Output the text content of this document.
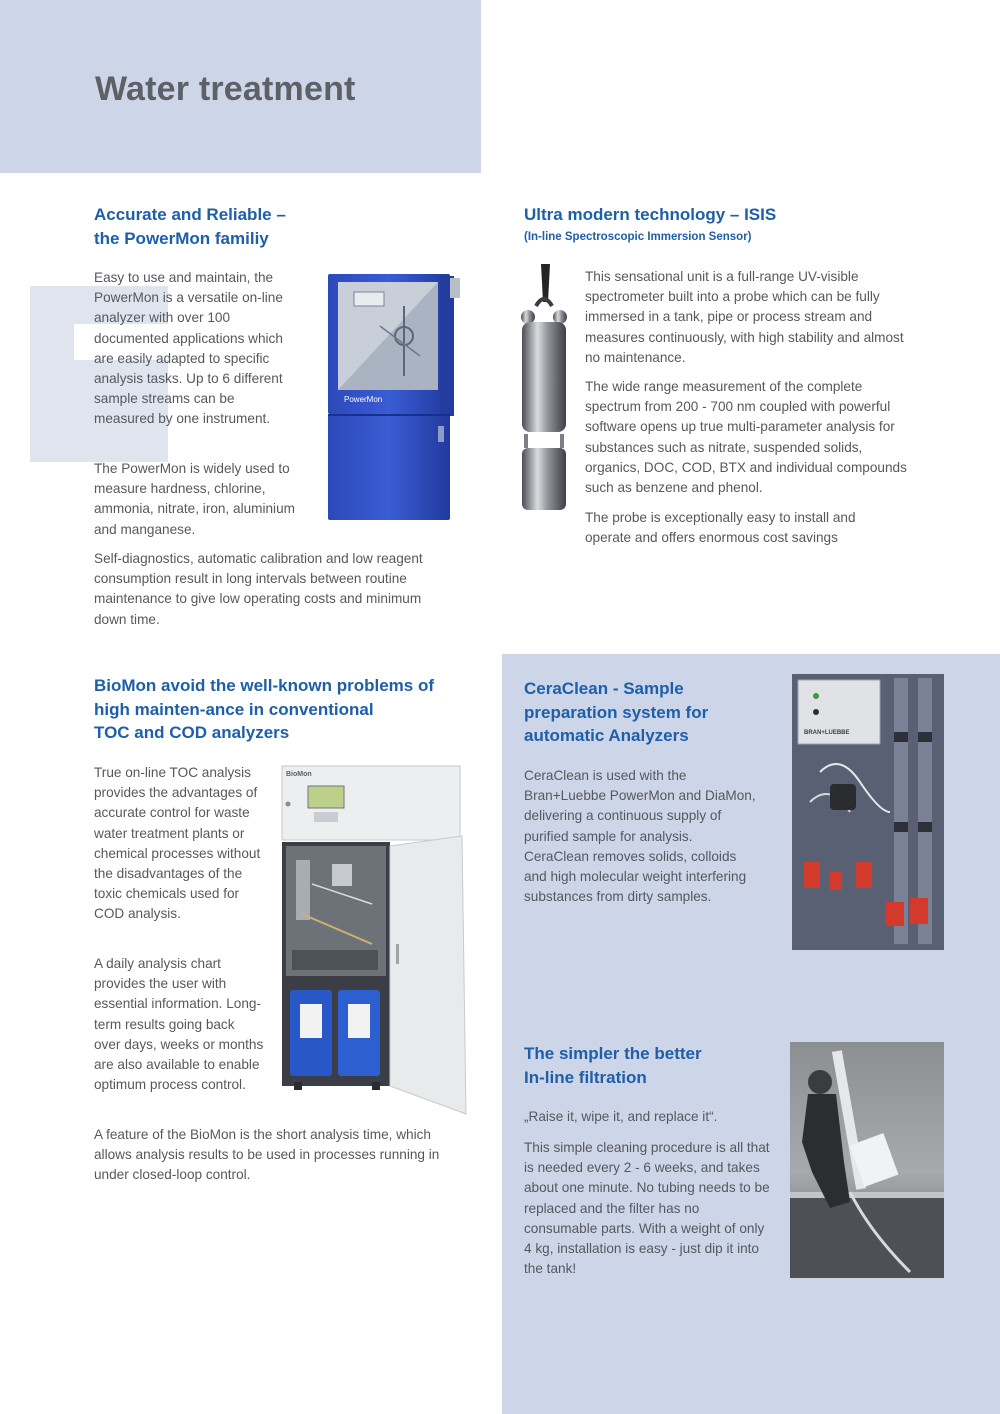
Water treatment
Accurate and Reliable –
the PowerMon familiy

Easy to use and maintain, the PowerMon is a versatile on-line analyzer with over 100 documented applications which are easily adapted to specific analysis tasks. Up to 6 different sample streams can be measured by one instrument.

The PowerMon is widely used to measure hardness, chlorine, ammonia, nitrate, iron, aluminium and manganese.

Self-diagnostics, automatic calibration and low reagent consumption result in long intervals between routine maintenance to give low operating costs and minimum down time.

PowerMon
Ultra modern technology – ISIS
(In-line Spectroscopic Immersion Sensor)

This sensational unit is a full-range UV-visible spectrometer built into a probe which can be fully immersed in a tank, pipe or process stream and measures continuously, with high stability and almost no maintenance.

The wide range measurement of the complete spectrum from 200 - 700 nm coupled with powerful software opens up true multi-parameter analysis for substances such as nitrate, suspended solids, organics, DOC, COD, BTX and individual compounds such as benzene and phenol.

The probe is exceptionally easy to install and operate and offers enormous cost savings

BioMon avoid the well-known problems of
high mainten-ance in conventional
TOC and COD analyzers

True on-line TOC analysis provides the advantages of accurate control for waste water treatment plants or chemical processes without the disadvantages of the toxic chemicals used for COD analysis.

A daily analysis chart provides the user with essential information. Long-term results going back over days, weeks or months are also available to enable optimum process control.

A feature of the BioMon is the short analysis time, which allows analysis results to be used in processes running in under closed-loop control.

BioMon
CeraClean - Sample
preparation system for
automatic Analyzers

CeraClean is used with the Bran+Luebbe PowerMon and DiaMon, delivering a continuous supply of purified sample for analysis. CeraClean removes solids, colloids and high molecular weight interfering substances from dirty samples.

BRAN+LUEBBE
The simpler the better
In-line filtration

„Raise it, wipe it, and replace it“.

This simple cleaning procedure is all that is needed every 2 - 6 weeks, and takes about one minute. No tubing needs to be replaced and the filter has no consumable parts. With a weight of only 4 kg, installation is easy - just dip it into the tank!
